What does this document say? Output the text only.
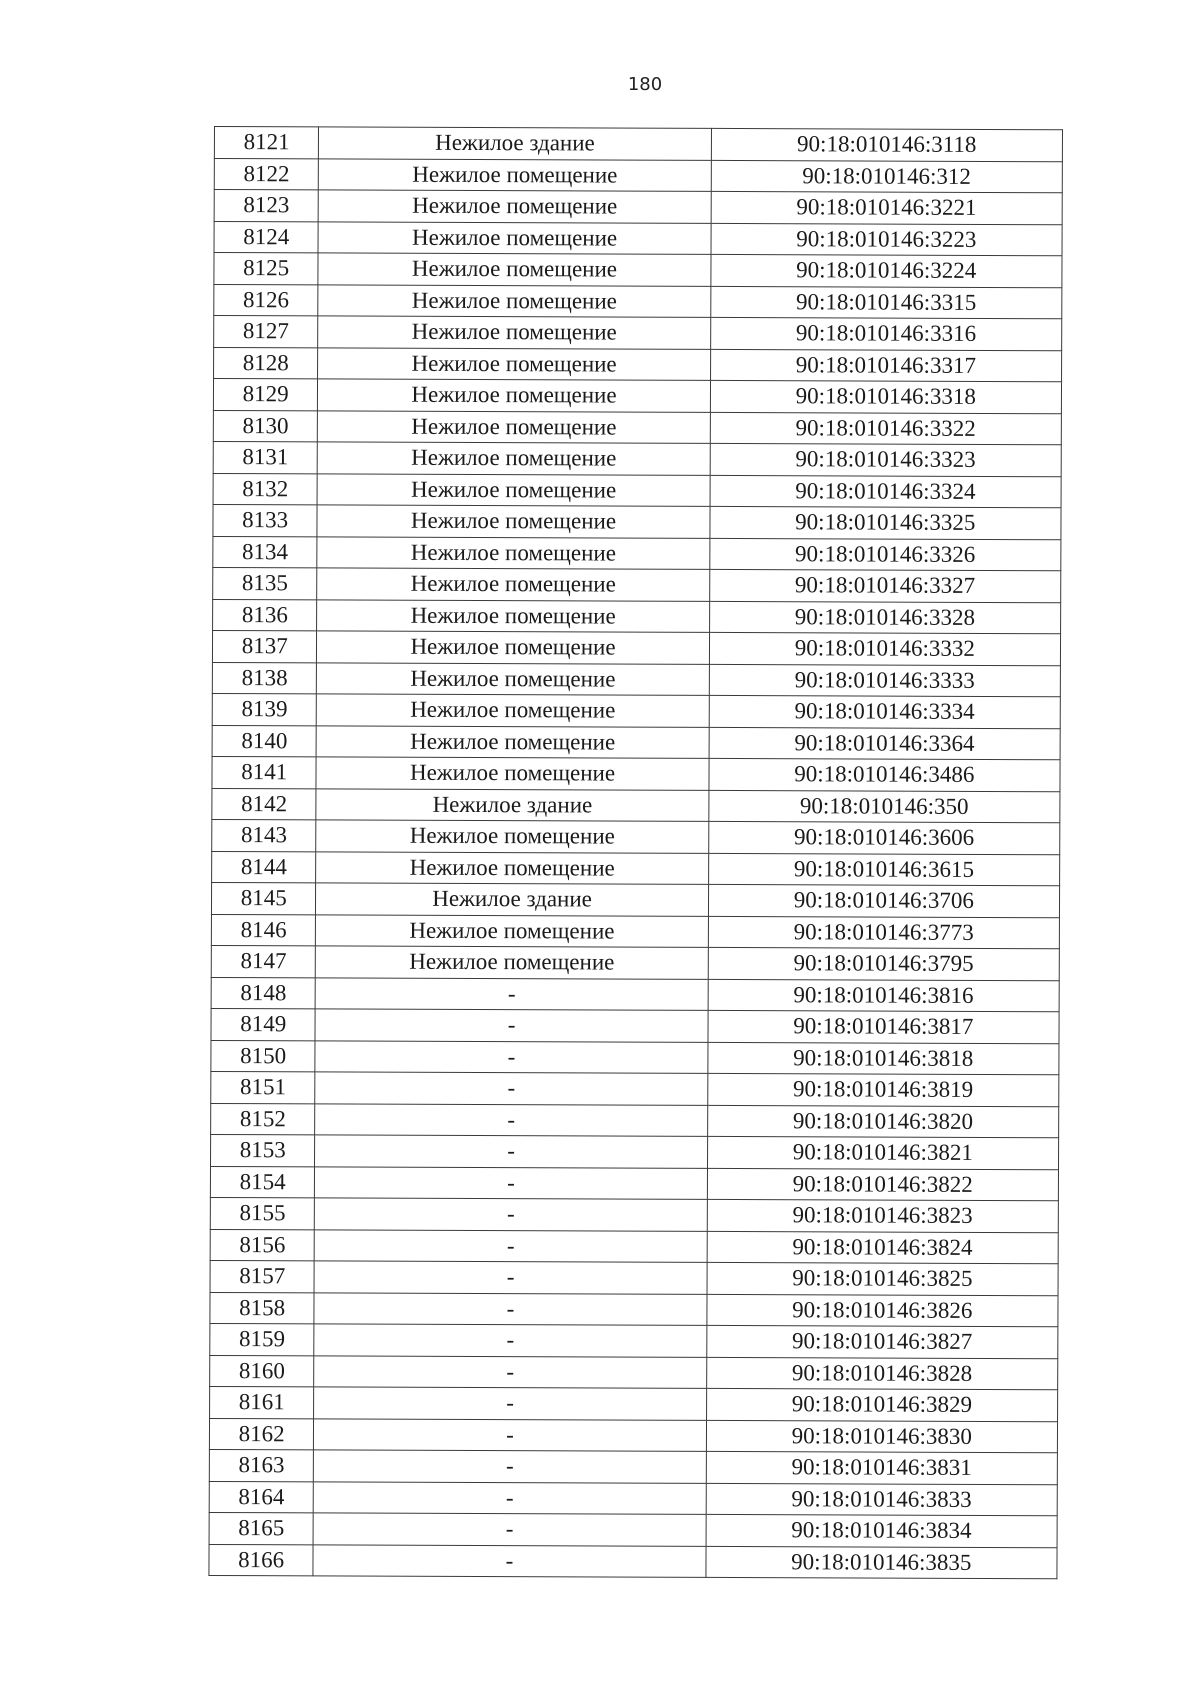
180
8121	Нежилое здание	90:18:010146:3118
8122	Нежилое помещение	90:18:010146:312
8123	Нежилое помещение	90:18:010146:3221
8124	Нежилое помещение	90:18:010146:3223
8125	Нежилое помещение	90:18:010146:3224
8126	Нежилое помещение	90:18:010146:3315
8127	Нежилое помещение	90:18:010146:3316
8128	Нежилое помещение	90:18:010146:3317
8129	Нежилое помещение	90:18:010146:3318
8130	Нежилое помещение	90:18:010146:3322
8131	Нежилое помещение	90:18:010146:3323
8132	Нежилое помещение	90:18:010146:3324
8133	Нежилое помещение	90:18:010146:3325
8134	Нежилое помещение	90:18:010146:3326
8135	Нежилое помещение	90:18:010146:3327
8136	Нежилое помещение	90:18:010146:3328
8137	Нежилое помещение	90:18:010146:3332
8138	Нежилое помещение	90:18:010146:3333
8139	Нежилое помещение	90:18:010146:3334
8140	Нежилое помещение	90:18:010146:3364
8141	Нежилое помещение	90:18:010146:3486
8142	Нежилое здание	90:18:010146:350
8143	Нежилое помещение	90:18:010146:3606
8144	Нежилое помещение	90:18:010146:3615
8145	Нежилое здание	90:18:010146:3706
8146	Нежилое помещение	90:18:010146:3773
8147	Нежилое помещение	90:18:010146:3795
8148	-	90:18:010146:3816
8149	-	90:18:010146:3817
8150	-	90:18:010146:3818
8151	-	90:18:010146:3819
8152	-	90:18:010146:3820
8153	-	90:18:010146:3821
8154	-	90:18:010146:3822
8155	-	90:18:010146:3823
8156	-	90:18:010146:3824
8157	-	90:18:010146:3825
8158	-	90:18:010146:3826
8159	-	90:18:010146:3827
8160	-	90:18:010146:3828
8161	-	90:18:010146:3829
8162	-	90:18:010146:3830
8163	-	90:18:010146:3831
8164	-	90:18:010146:3833
8165	-	90:18:010146:3834
8166	-	90:18:010146:3835
